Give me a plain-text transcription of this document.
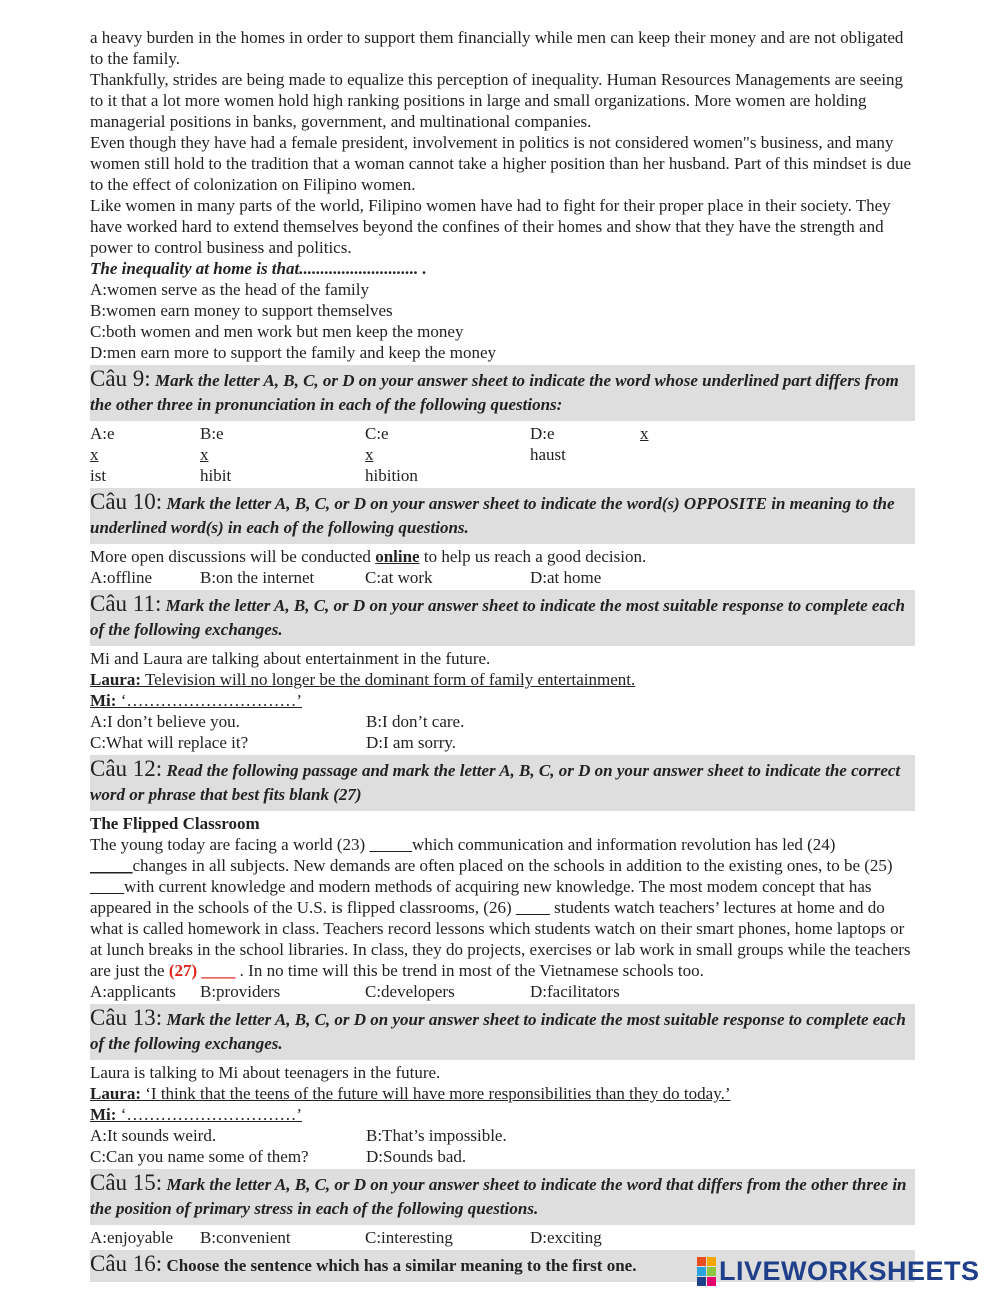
a heavy burden in the homes in order to support them financially while men can keep their money and are not obligated to the family.

Thankfully, strides are being made to equalize this perception of inequality. Human Resources Managements are seeing to it that a lot more women hold high ranking positions in large and small organizations. More women are holding managerial positions in banks, government, and multinational companies.

Even though they have had a female president, involvement in politics is not considered women"s business, and many women still hold to the tradition that a woman cannot take a higher position than her husband. Part of this mindset is due to the effect of colonization on Filipino women.

Like women in many parts of the world, Filipino women have had to fight for their proper place in their society. They have worked hard to extend themselves beyond the confines of their homes and show that they have the strength and power to control business and politics.

The inequality at home is that............................ .

A:women serve as the head of the family

B:women earn money to support themselves

C:both women and men work but men keep the money

D:men earn more to support the family and keep the money

Câu 9: Mark the letter A, B, C, or D on your answer sheet to indicate the word whose underlined part differs from the other three in pronunciation in each of the following questions:
A:exist
B:exhibit
C:exhibition
D:e	xhaust
Câu 10: Mark the letter A, B, C, or D on your answer sheet to indicate the word(s) OPPOSITE in meaning to the underlined word(s) in each of the following questions.

More open discussions will be conducted online to help us reach a good decision.

A:offline	B:on the internet	C:at work	D:at home
Câu 11: Mark the letter A, B, C, or D on your answer sheet to indicate the most suitable response to complete each of the following exchanges.

Mi and Laura are talking about entertainment in the future.

Laura: Television will no longer be the dominant form of family entertainment.

Mi: ‘…………………………’

A:I don’t believe you.	B:I don’t care.
C:What will replace it?	D:I am sorry.
Câu 12: Read the following passage and mark the letter A, B, C, or D on your answer sheet to indicate the correct word or phrase that best fits blank (27)

The Flipped Classroom

The young today are facing a world (23) _____which communication and information revolution has led (24) _____changes in all subjects. New demands are often placed on the schools in addition to the existing ones, to be (25) ____with current knowledge and modern methods of acquiring new knowledge. The most modem concept that has appeared in the schools of the U.S. is flipped classrooms, (26) ____ students watch teachers’ lectures at home and do what is called homework in class. Teachers record lessons which students watch on their smart phones, home laptops or at lunch breaks in the school libraries. In class, they do projects, exercises or lab work in small groups while the teachers are just the (27) ____ . In no time will this be trend in most of the Vietnamese schools too.

A:applicants	B:providers	C:developers	D:facilitators
Câu 13: Mark the letter A, B, C, or D on your answer sheet to indicate the most suitable response to complete each of the following exchanges.

Laura is talking to Mi about teenagers in the future.

Laura: ‘I think that the teens of the future will have more responsibilities than they do today.’

Mi: ‘…………………………’

A:It sounds weird.	B:That’s impossible.
C:Can you name some of them?	D:Sounds bad.
Câu 15: Mark the letter A, B, C, or D on your answer sheet to indicate the word that differs from the other three in the position of primary stress in each of the following questions.
A:enjoyable	B:convenient	C:interesting	D:exciting
Câu 16: Choose the sentence which has a similar meaning to the first one.	LIVEWORKSHEETS
